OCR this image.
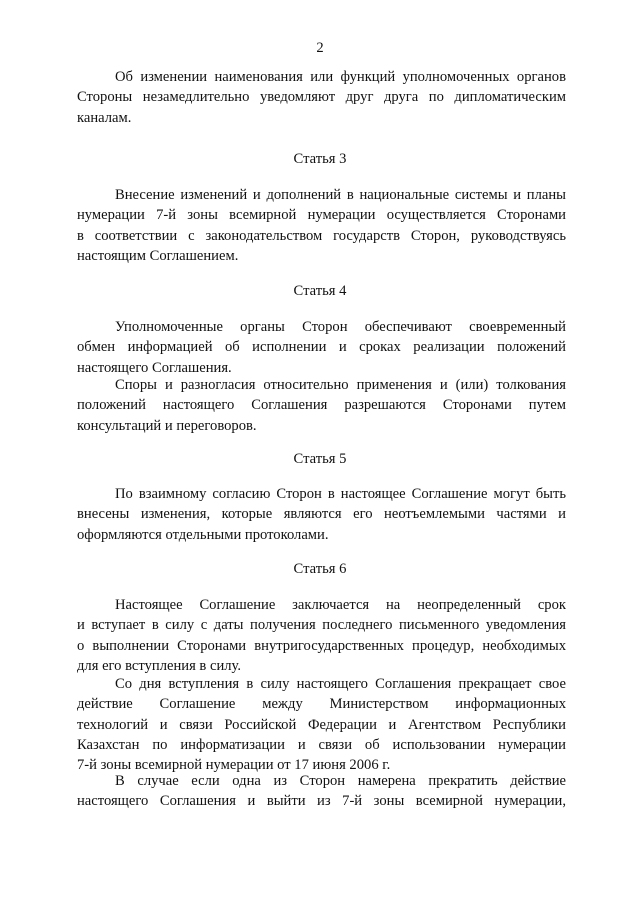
2
Об изменении наименования или функций уполномоченных органов
Стороны незамедлительно уведомляют друг друга по дипломатическим
каналам.
Статья 3
Внесение изменений и дополнений в национальные системы и планы
нумерации 7-й зоны всемирной нумерации осуществляется Сторонами
в соответствии с законодательством государств Сторон, руководствуясь
настоящим Соглашением.
Статья 4
Уполномоченные органы Сторон обеспечивают своевременный
обмен информацией об исполнении и сроках реализации положений
настоящего Соглашения.
Споры и разногласия относительно применения и (или) толкования
положений настоящего Соглашения разрешаются Сторонами путем
консультаций и переговоров.
Статья 5
По взаимному согласию Сторон в настоящее Соглашение могут быть
внесены изменения, которые являются его неотъемлемыми частями и
оформляются отдельными протоколами.
Статья 6
Настоящее Соглашение заключается на неопределенный срок
и вступает в силу с даты получения последнего письменного уведомления
о выполнении Сторонами внутригосударственных процедур, необходимых
для его вступления в силу.
Со дня вступления в силу настоящего Соглашения прекращает свое
действие Соглашение между Министерством информационных
технологий и связи Российской Федерации и Агентством Республики
Казахстан по информатизации и связи об использовании нумерации
7-й зоны всемирной нумерации от 17 июня 2006 г.
В случае если одна из Сторон намерена прекратить действие
настоящего Соглашения и выйти из 7-й зоны всемирной нумерации,
